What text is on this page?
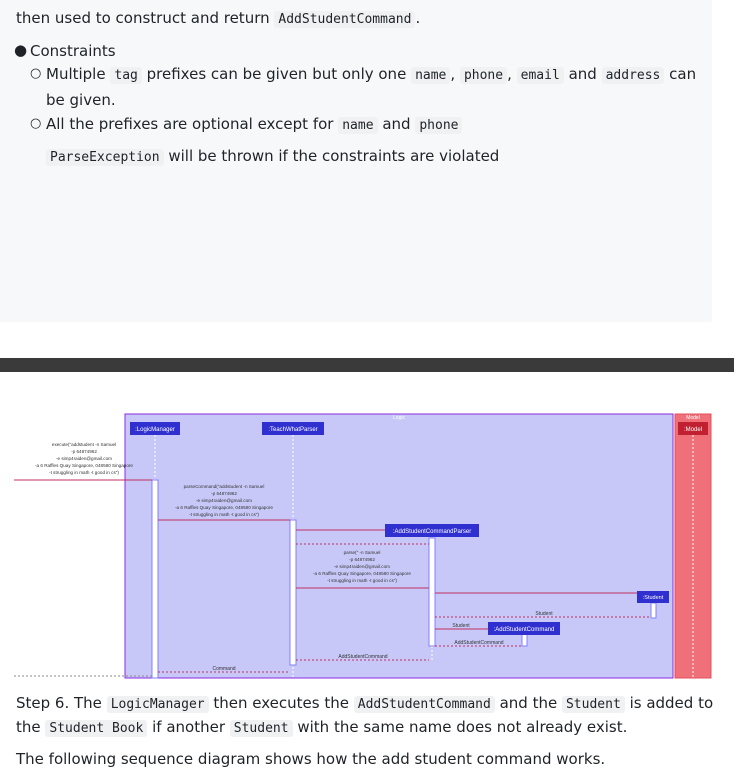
then used to construct and return AddStudentCommand .
● Constraints
○ Multiple tag prefixes can be given but only one name , phone , email and address can
be given.
○ All the prefixes are optional except for name and phone
ParseException will be thrown if the constraints are violated
Logic	Model
:LogicManager	:TeachWhatParser	:Model
execute("addstudent -n Samuel
-p 64874962
-e simp4raiden@gmail.com
-a 6 Raffles Quay Singapore, 048580 Singapore
-t struggling in math -t good in cs")
parseCommand("addstudent -n Samuel
-p 64874962
-e simp4raiden@gmail.com
-a 6 Raffles Quay Singapore, 048580 Singapore
-t struggling in math -t good in cs")
:AddStudentCommandParser
parse(" -n Samuel
-p 64874962
-e simp4raiden@gmail.com
-a 6 Raffles Quay Singapore, 048580 Singapore
-t struggling in math -t good in cs")
:Student
Student
Student
:AddStudentCommand
AddStudentCommand
AddStudentCommand
Command
Step 6. The LogicManager then executes the AddStudentCommand and the Student is added to
the Student Book if another Student with the same name does not already exist.
The following sequence diagram shows how the add student command works.
